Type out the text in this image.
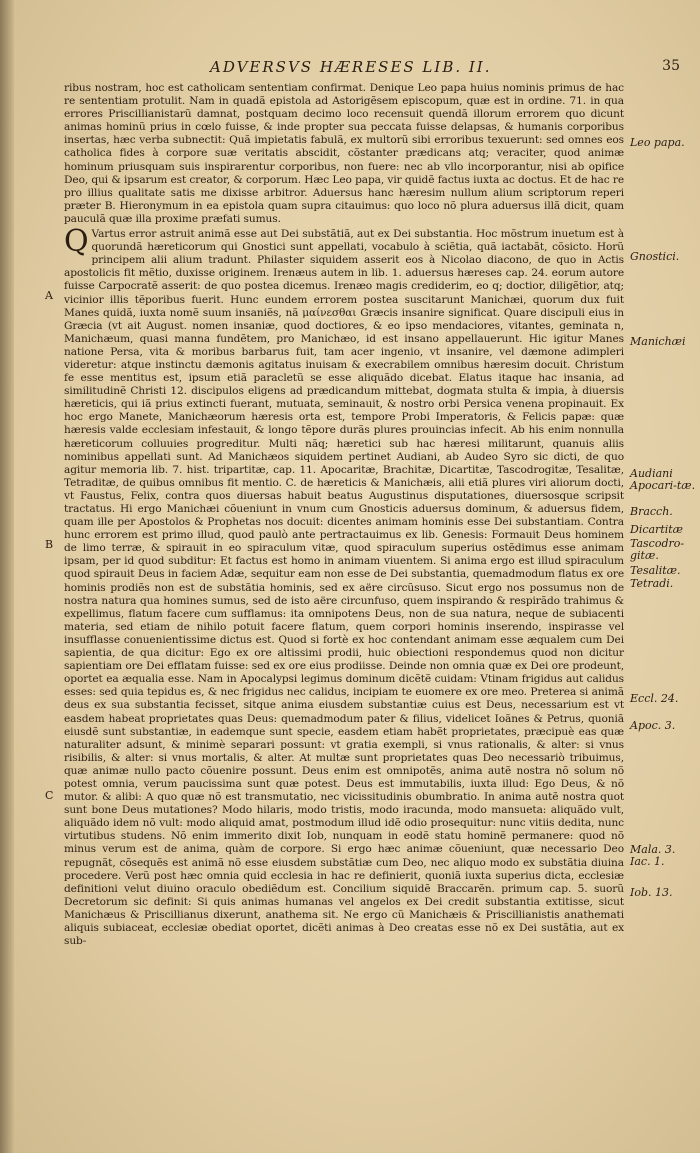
ADVERSVS HÆRESES LIB. II.	35

ribus nostram, hoc est catholicam sententiam confirmat. Denique Leo papa huius nominis primus de hac re sententiam protulit. Nam in quadã epistola ad Astorigẽsem episcopum, quæ est in ordine. 71. in qua errores Priscillianistarũ damnat, postquam decimo loco recensuit quendã illorum errorem quo dicunt animas hominũ prius in cœlo fuisse, & inde propter sua peccata fuisse delapsas, & humanis corporibus insertas, hæc verba subnectit: Quã impietatis fabulã, ex multorũ sibi erroribus texuerunt: sed omnes eos catholica fides à corpore suæ veritatis abscidit, cõstanter prædicans atq; veraciter, quod animæ hominum priusquam suis inspirarentur corporibus, non fuere: nec ab vllo incorporantur, nisi ab opifice Deo, qui & ipsarum est creator, & corporum. Hæc Leo papa, vir quidẽ factus iuxta ac doctus. Et de hac re pro illius qualitate satis me dixisse arbitror. Aduersus hanc hæresim nullum alium scriptorum reperi præter B. Hieronymum in ea epistola quam supra citauimus: quo loco nõ plura aduersus illã dicit, quam pauculã quæ illa proxime præfati sumus.

Q Vartus error astruit animã esse aut Dei substãtiã, aut ex Dei substantia. Hoc mõstrum inuetum est à quorundã hæreticorum qui Gnostici sunt appellati, vocabulo à sciẽtia, quã iactabãt, cõsicto. Horũ principem alii alium tradunt. Philaster siquidem asserit eos à Nicolao diacono, de quo in Actis apostolicis fit mẽtio, duxisse originem. Irenæus autem in lib. 1. aduersus hæreses cap. 24. eorum autore fuisse Carpocratẽ asserit: de quo postea dicemus. Irenæo magis crediderim, eo q; doctior, diligẽtior, atq; vicinior illis tẽporibus fuerit. Hunc eundem errorem postea suscitarunt Manichæi, quorum dux fuit Manes quidã, iuxta nomẽ suum insaniẽs, nã μαίνεσθαι Græcis insanire significat. Quare discipuli eius in Græcia (vt ait August. nomen insaniæ, quod doctiores, & eo ipso mendaciores, vitantes, geminata n, Manichæum, quasi manna fundẽtem, pro Manichæo, id est insano appellauerunt. Hic igitur Manes natione Persa, vita & moribus barbarus fuit, tam acer ingenio, vt insanire, vel dæmone adimpleri videretur: atque instinctu dæmonis agitatus inuisam & execrabilem omnibus hæresim docuit. Christum fe esse mentitus est, ipsum etiã paracletũ se esse aliquãdo dicebat. Elatus itaque hac insania, ad similitudinẽ Christi 12. discipulos eligens ad prædicandum mittebat, dogmata stulta & impia, à diuersis hæreticis, qui iã prius extincti fuerant, mutuata, seminauit, & nostro orbi Persica venena propinauit. Ex hoc ergo Manete, Manichæorum hæresis orta est, tempore Probi Imperatoris, & Felicis papæ: quæ hæresis valde ecclesiam infestauit, & longo tẽpore durãs plures prouincias infecit. Ab his enim nonnulla hæreticorum colluuies progreditur. Multi nãq; hæretici sub hac hæresi militarunt, quanuis aliis nominibus appellati sunt. Ad Manichæos siquidem pertinet Audiani, ab Audeo Syro sic dicti, de quo agitur memoria lib. 7. hist. tripartitæ, cap. 11. Apocaritæ, Brachitæ, Dicartitæ, Tascodrogitæ, Tesalitæ, Tetraditæ, de quibus omnibus fit mentio. C. de hæreticis & Manichæis, alii etiã plures viri aliorum docti, vt Faustus, Felix, contra quos diuersas habuit beatus Augustinus disputationes, diuersosque scripsit tractatus. Hi ergo Manichæi cõueniunt in vnum cum Gnosticis aduersus dominum, & aduersus fidem, quam ille per Apostolos & Prophetas nos docuit: dicentes animam hominis esse Dei substantiam. Contra hunc errorem est primo illud, quod paulò ante pertractauimus ex lib. Genesis: Formauit Deus hominem de limo terræ, & spirauit in eo spiraculum vitæ, quod spiraculum superius ostẽdimus esse animam ipsam, per id quod subditur: Et factus est homo in animam viuentem. Si anima ergo est illud spiraculum quod spirauit Deus in faciem Adæ, sequitur eam non esse de Dei substantia, quemadmodum flatus ex ore hominis prodiẽs non est de substãtia hominis, sed ex aëre circũsuso. Sicut ergo nos possumus non de nostra natura qua homines sumus, sed de isto aëre circunfuso, quem inspirando & respirãdo trahimus & expellimus, flatum facere cum sufflamus: ita omnipotens Deus, non de sua natura, neque de subiacenti materia, sed etiam de nihilo potuit facere flatum, quem corpori hominis inserendo, inspirasse vel insufflasse conuenientissime dictus est. Quod si fortè ex hoc contendant animam esse æqualem cum Dei sapientia, de qua dicitur: Ego ex ore altissimi prodii, huic obiectioni respondemus quod non dicitur sapientiam ore Dei efflatam fuisse: sed ex ore eius prodiisse. Deinde non omnia quæ ex Dei ore prodeunt, oportet ea æqualia esse. Nam in Apocalypsi legimus dominum dicẽtẽ cuidam: Vtinam frigidus aut calidus esses: sed quia tepidus es, & nec frigidus nec calidus, incipiam te euomere ex ore meo. Preterea si animã deus ex sua substantia fecisset, sitque anima eiusdem substantiæ cuius est Deus, necessarium est vt easdem habeat proprietates quas Deus: quemadmodum pater & filius, videlicet Ioãnes & Petrus, quoniã eiusdẽ sunt substantiæ, in eademque sunt specie, easdem etiam habẽt proprietates, præcipuè eas quæ naturaliter adsunt, & minimè separari possunt: vt gratia exempli, si vnus rationalis, & alter: si vnus risibilis, & alter: si vnus mortalis, & alter. At multæ sunt proprietates quas Deo necessariò tribuimus, quæ animæ nullo pacto cõuenire possunt. Deus enim est omnipotẽs, anima autẽ nostra nõ solum nõ potest omnia, verum paucissima sunt quæ potest. Deus est immutabilis, iuxta illud: Ego Deus, & nõ mutor. & alibi: A quo quæ nõ est transmutatio, nec vicissitudinis obumbratio. In anima autẽ nostra quot sunt bone Deus mutationes? Modo hilaris, modo tristis, modo iracunda, modo mansueta: aliquãdo vult, aliquãdo idem nõ vult: modo aliquid amat, postmodum illud idẽ odio prosequitur: nunc vitiis dedita, nunc virtutibus studens. Nõ enim immerito dixit Iob, nunquam in eodẽ statu hominẽ permanere: quod nõ minus verum est de anima, quàm de corpore. Si ergo hæc animæ cõueniunt, quæ necessario Deo repugnãt, cõsequẽs est animã nõ esse eiusdem substãtiæ cum Deo, nec aliquo modo ex substãtia diuina procedere. Verũ post hæc omnia quid ecclesia in hac re definierit, quoniã iuxta superius dicta, ecclesiæ definitioni velut diuino oraculo obediẽdum est. Concilium siquidẽ Braccarẽn. primum cap. 5. suorũ Decretorum sic definit: Si quis animas humanas vel angelos ex Dei credit substantia extitisse, sicut Manichæus & Priscillianus dixerunt, anathema sit. Ne ergo cũ Manichæis & Priscillianistis anathemati aliquis subiaceat, ecclesiæ obediat oportet, dicẽti animas à Deo creatas esse nõ ex Dei sustãtia, aut ex sub-

Leo papa.
Gnostici.
Manichæi
Audiani
Apocari-tæ.
Bracch.
Dicartitæ
Tascodro-gitæ.
Tesalitæ.
Tetradi.
Eccl. 24.
Apoc. 3.
Mala. 3.
Iac. 1.
Iob. 13.
A
B
C
